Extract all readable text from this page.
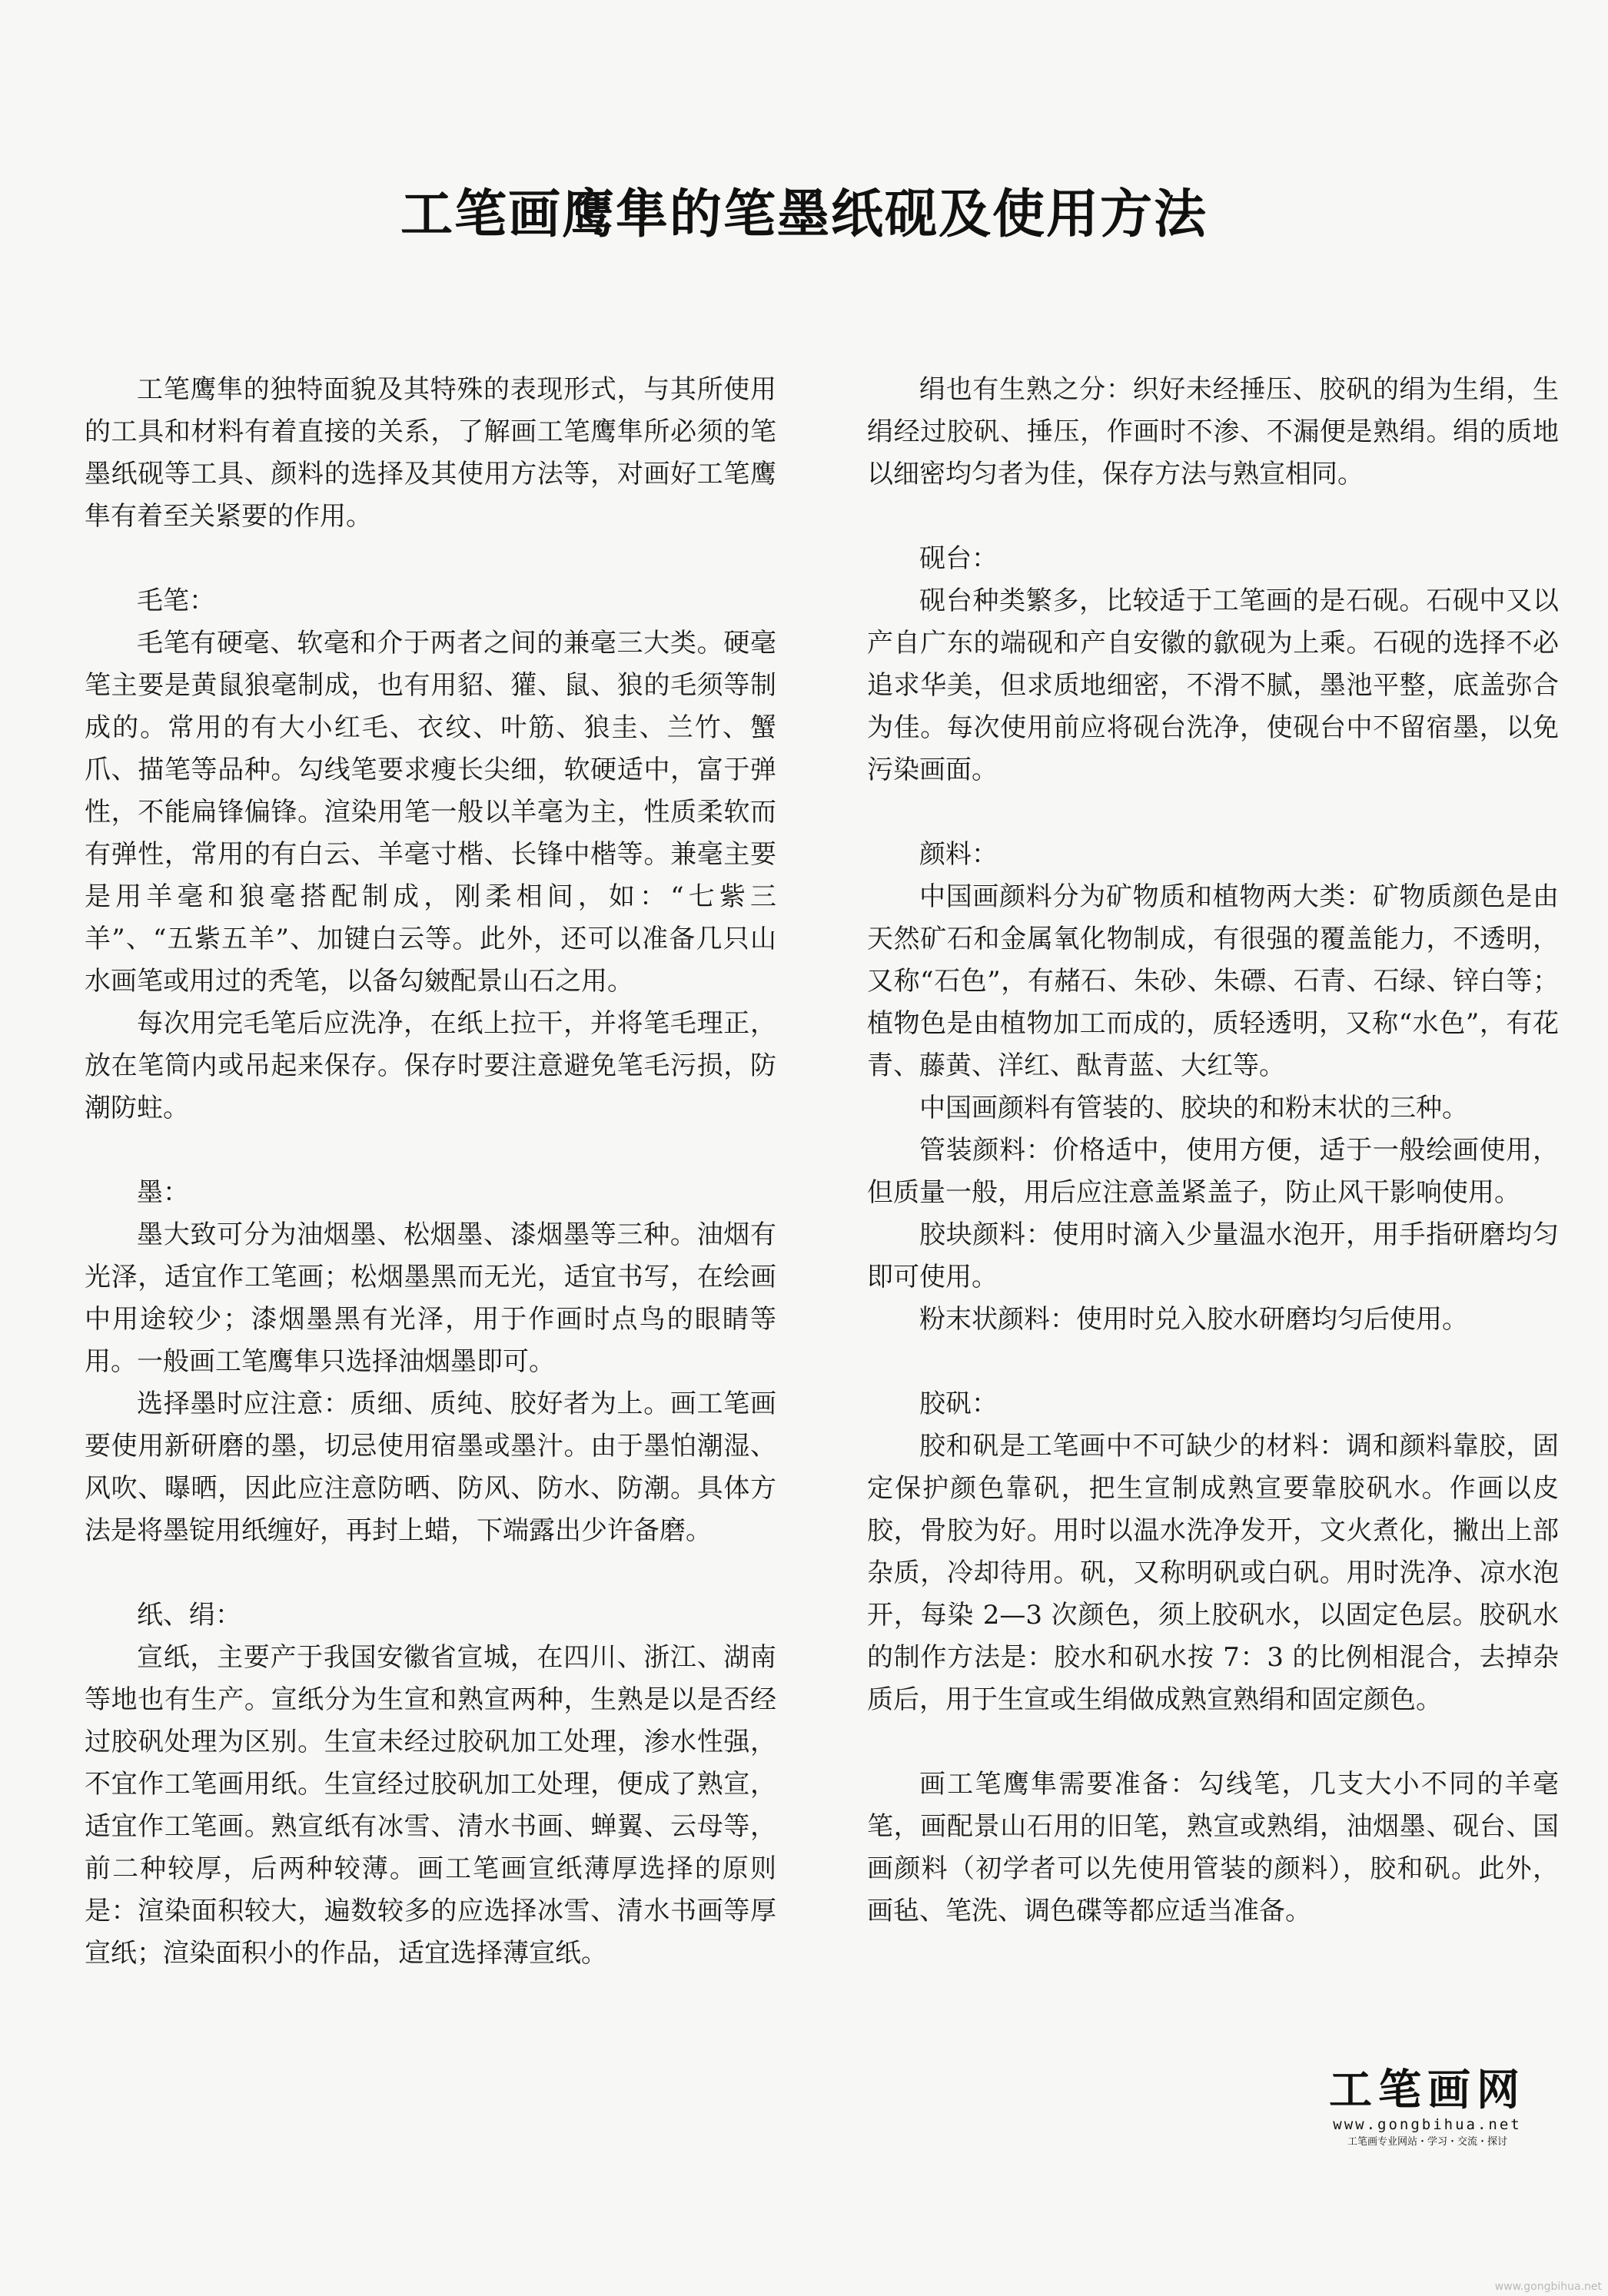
工笔画鹰隼的笔墨纸砚及使用方法

工笔鹰隼的独特面貌及其特殊的表现形式，与其所使用的工具和材料有着直接的关系，了解画工笔鹰隼所必须的笔墨纸砚等工具、颜料的选择及其使用方法等，对画好工笔鹰隼有着至关紧要的作用。

毛笔：

毛笔有硬毫、软毫和介于两者之间的兼毫三大类。硬毫笔主要是黄鼠狼毫制成，也有用貂、獾、鼠、狼的毛须等制成的。常用的有大小红毛、衣纹、叶筋、狼圭、兰竹、蟹爪、描笔等品种。勾线笔要求瘦长尖细，软硬适中，富于弹性，不能扁锋偏锋。渲染用笔一般以羊毫为主，性质柔软而有弹性，常用的有白云、羊毫寸楷、长锋中楷等。兼毫主要是用羊毫和狼毫搭配制成，刚柔相间，如：“七紫三羊”、“五紫五羊”、加键白云等。此外，还可以准备几只山水画笔或用过的秃笔，以备勾皴配景山石之用。

每次用完毛笔后应洗净，在纸上拉干，并将笔毛理正，放在笔筒内或吊起来保存。保存时要注意避免笔毛污损，防潮防蛀。

墨：

墨大致可分为油烟墨、松烟墨、漆烟墨等三种。油烟有光泽，适宜作工笔画；松烟墨黑而无光，适宜书写，在绘画中用途较少；漆烟墨黑有光泽，用于作画时点鸟的眼睛等用。一般画工笔鹰隼只选择油烟墨即可。

选择墨时应注意：质细、质纯、胶好者为上。画工笔画要使用新研磨的墨，切忌使用宿墨或墨汁。由于墨怕潮湿、风吹、曝晒，因此应注意防晒、防风、防水、防潮。具体方法是将墨锭用纸缠好，再封上蜡，下端露出少许备磨。

纸、绢：

宣纸，主要产于我国安徽省宣城，在四川、浙江、湖南等地也有生产。宣纸分为生宣和熟宣两种，生熟是以是否经过胶矾处理为区别。生宣未经过胶矾加工处理，渗水性强，不宜作工笔画用纸。生宣经过胶矾加工处理，便成了熟宣，适宜作工笔画。熟宣纸有冰雪、清水书画、蝉翼、云母等，前二种较厚，后两种较薄。画工笔画宣纸薄厚选择的原则是：渲染面积较大，遍数较多的应选择冰雪、清水书画等厚宣纸；渲染面积小的作品，适宜选择薄宣纸。

绢也有生熟之分：织好未经捶压、胶矾的绢为生绢，生绢经过胶矾、捶压，作画时不渗、不漏便是熟绢。绢的质地以细密均匀者为佳，保存方法与熟宣相同。

砚台：

砚台种类繁多，比较适于工笔画的是石砚。石砚中又以产自广东的端砚和产自安徽的歙砚为上乘。石砚的选择不必追求华美，但求质地细密，不滑不腻，墨池平整，底盖弥合为佳。每次使用前应将砚台洗净，使砚台中不留宿墨，以免污染画面。

颜料：

中国画颜料分为矿物质和植物两大类：矿物质颜色是由天然矿石和金属氧化物制成，有很强的覆盖能力，不透明，又称“石色”，有赭石、朱砂、朱磦、石青、石绿、锌白等；植物色是由植物加工而成的，质轻透明，又称“水色”，有花青、藤黄、洋红、酞青蓝、大红等。

中国画颜料有管装的、胶块的和粉末状的三种。

管装颜料：价格适中，使用方便，适于一般绘画使用，但质量一般，用后应注意盖紧盖子，防止风干影响使用。

胶块颜料：使用时滴入少量温水泡开，用手指研磨均匀即可使用。

粉末状颜料：使用时兑入胶水研磨均匀后使用。

胶矾：

胶和矾是工笔画中不可缺少的材料：调和颜料靠胶，固定保护颜色靠矾，把生宣制成熟宣要靠胶矾水。作画以皮胶，骨胶为好。用时以温水洗净发开，文火煮化，撇出上部杂质，冷却待用。矾，又称明矾或白矾。用时洗净、凉水泡开，每染 2—3 次颜色，须上胶矾水，以固定色层。胶矾水的制作方法是：胶水和矾水按 7：3 的比例相混合，去掉杂质后，用于生宣或生绢做成熟宣熟绢和固定颜色。

画工笔鹰隼需要准备：勾线笔，几支大小不同的羊毫笔，画配景山石用的旧笔，熟宣或熟绢，油烟墨、砚台、国画颜料（初学者可以先使用管装的颜料），胶和矾。此外，画毡、笔洗、调色碟等都应适当准备。

工笔画网
www.gongbihua.net
工笔画专业网站・学习・交流・探讨
www.gongbihua.net
